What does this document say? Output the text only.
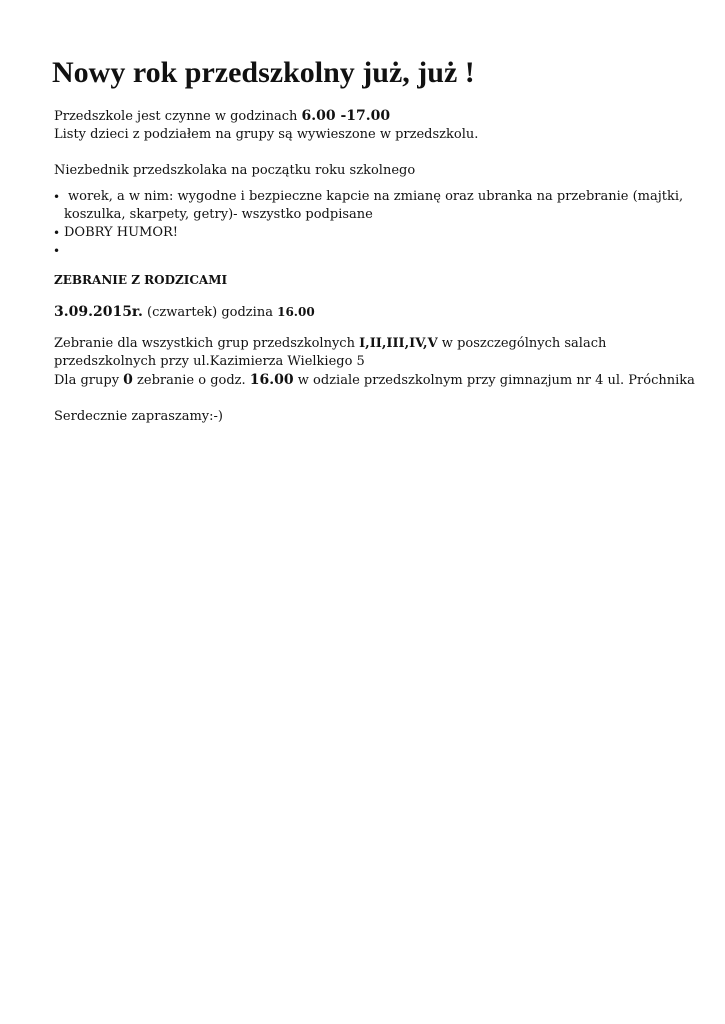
Nowy rok przedszkolny już, już !
Przedszkole jest czynne w godzinach 6.00 -17.00
Listy dzieci z podziałem na grupy są wywieszone w przedszkolu.
Niezbednik przedszkolaka na początku roku szkolnego
• worek, a w nim: wygodne i bezpieczne kapcie na zmianę oraz ubranka na przebranie (majtki, koszulka, skarpety, getry)- wszystko podpisane
• DOBRY HUMOR!
•

ZEBRANIE Z RODZICAMI
3.09.2015r. (czwartek) godzina 16.00
Zebranie dla wszystkich grup przedszkolnych I,II,III,IV,V w poszczególnych salach przedszkolnych przy ul.Kazimierza Wielkiego 5
Dla grupy 0 zebranie o godz. 16.00 w odziale przedszkolnym przy gimnazjum nr 4 ul. Próchnika
Serdecznie zapraszamy:-)
